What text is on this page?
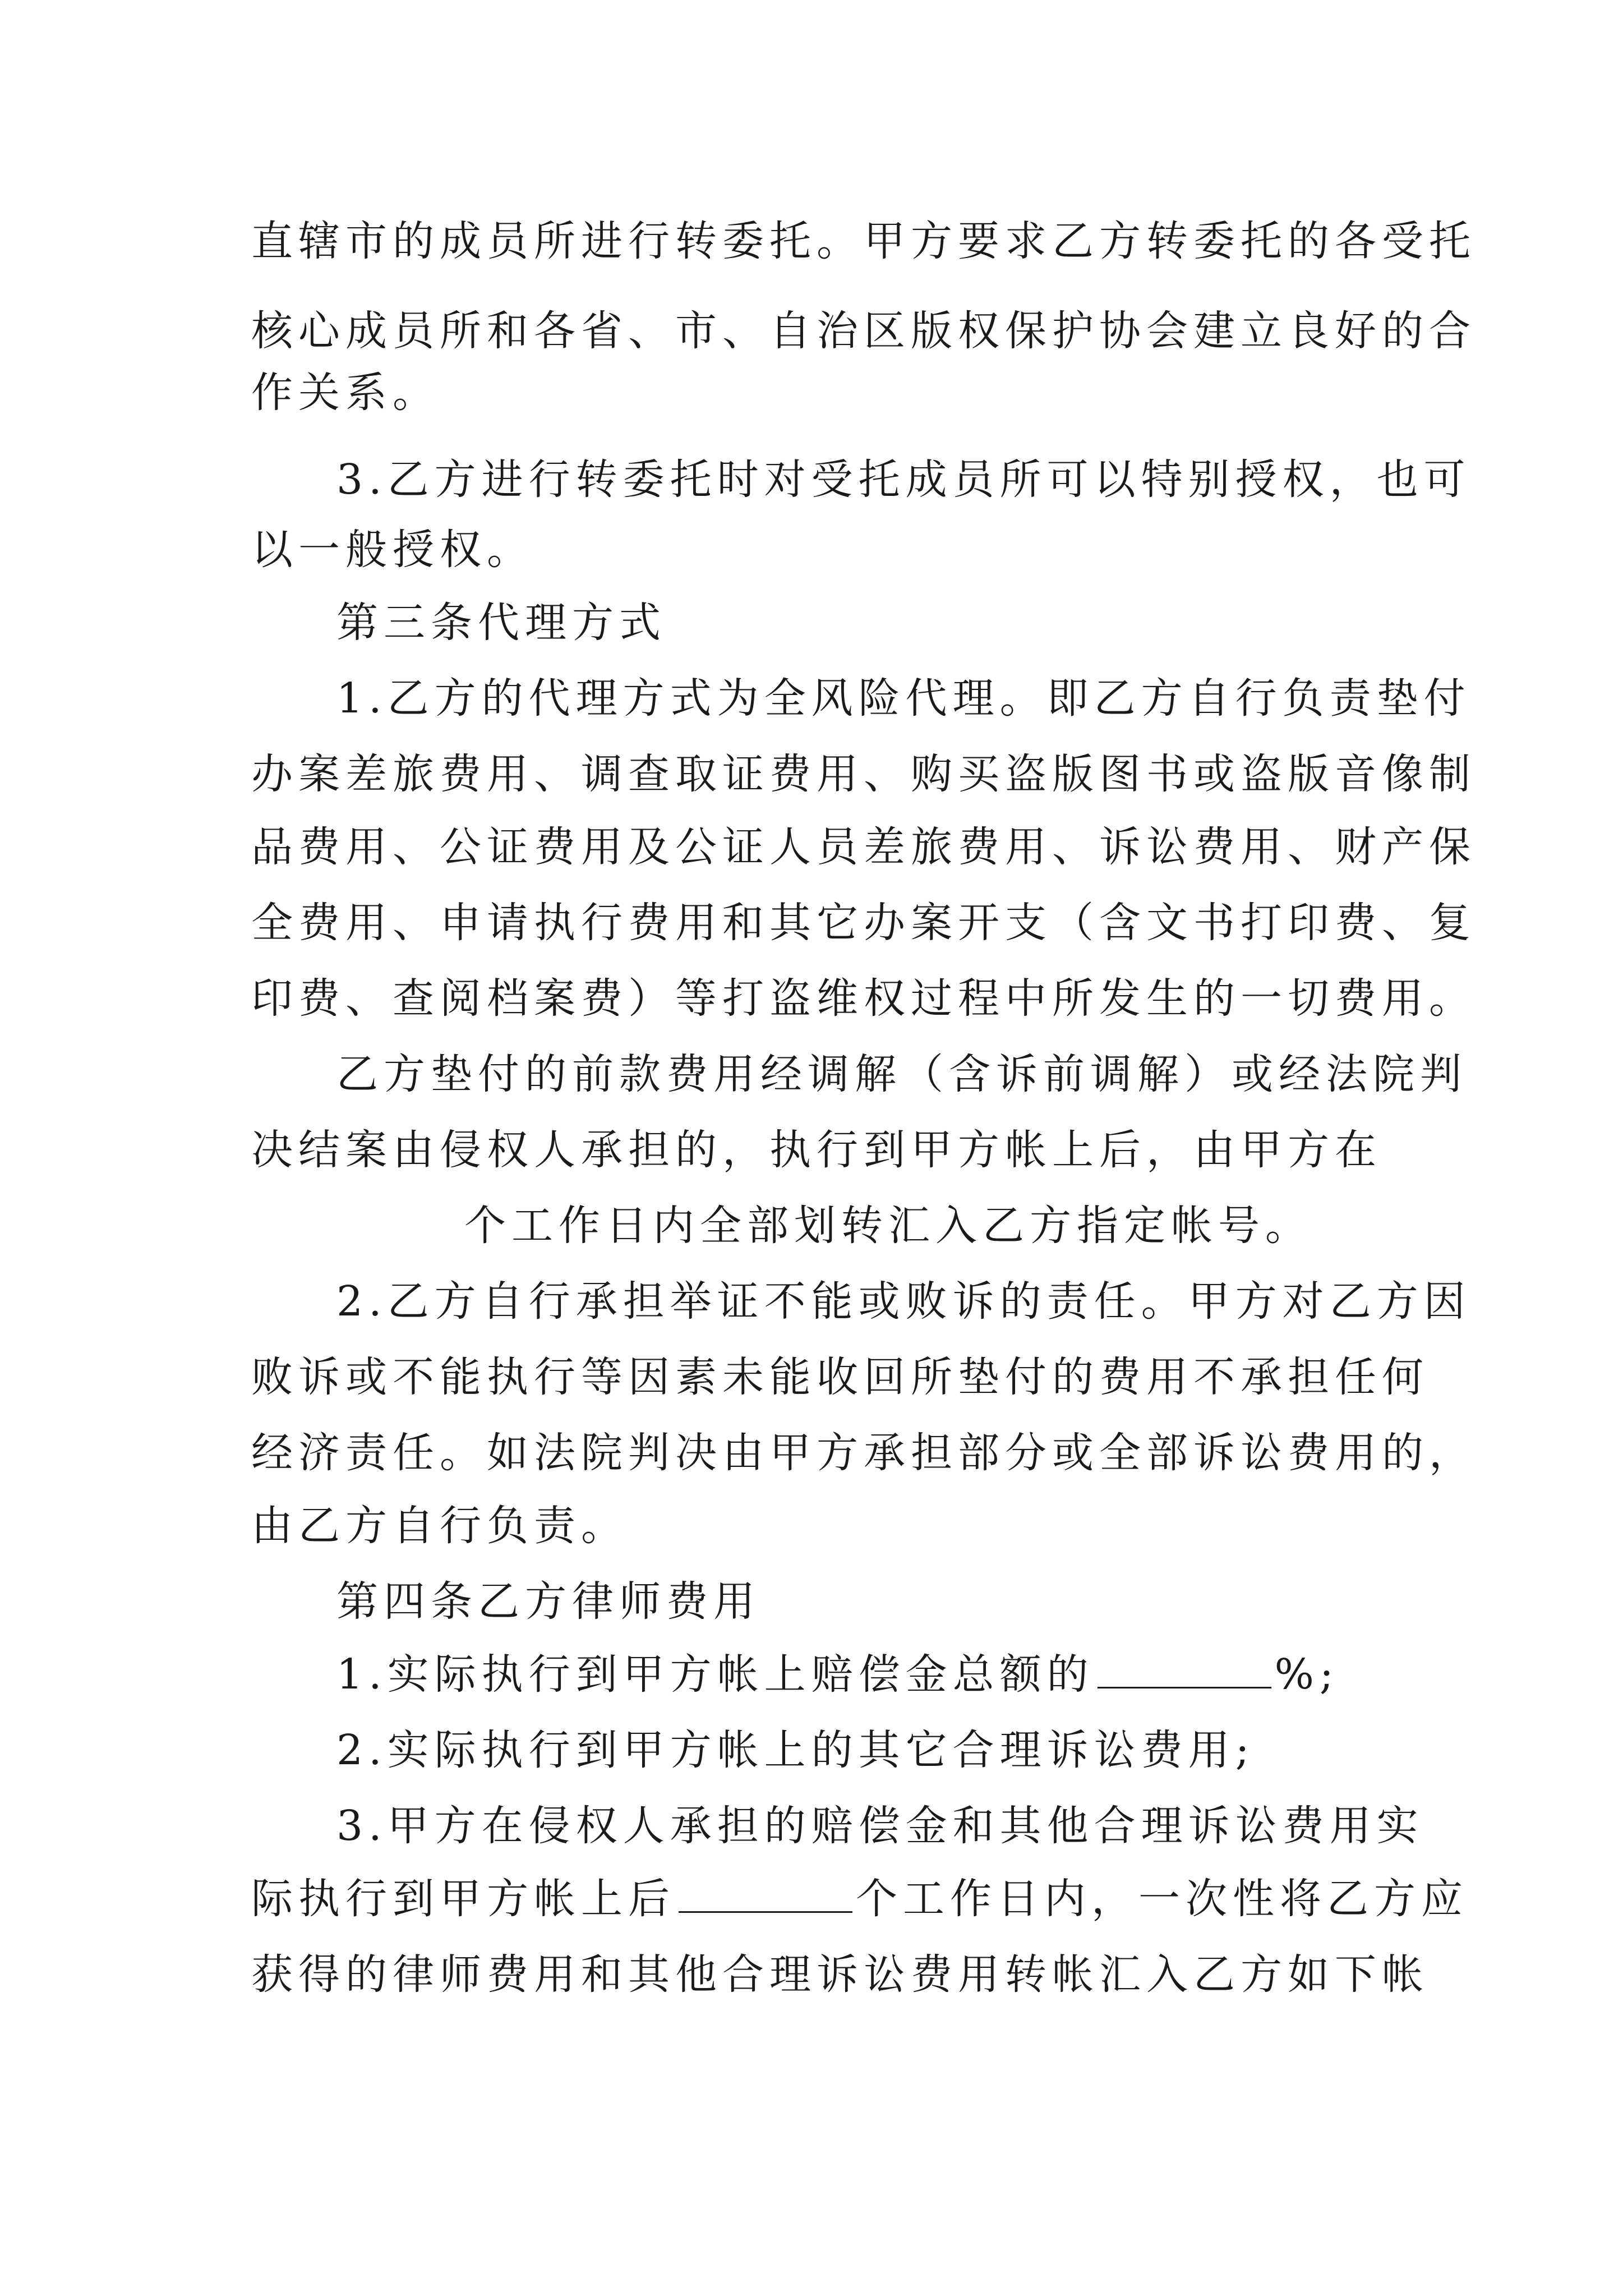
直辖市的成员所进行转委托。甲方要求乙方转委托的各受托
核心成员所和各省、市、自治区版权保护协会建立良好的合
作关系。
3.乙方进行转委托时对受托成员所可以特别授权，也可
以一般授权。
第三条代理方式
1.乙方的代理方式为全风险代理。即乙方自行负责垫付
办案差旅费用、调查取证费用、购买盗版图书或盗版音像制
品费用、公证费用及公证人员差旅费用、诉讼费用、财产保
全费用、申请执行费用和其它办案开支（含文书打印费、复
印费、查阅档案费）等打盗维权过程中所发生的一切费用。
乙方垫付的前款费用经调解（含诉前调解）或经法院判
决结案由侵权人承担的，执行到甲方帐上后，由甲方在
个工作日内全部划转汇入乙方指定帐号。
2.乙方自行承担举证不能或败诉的责任。甲方对乙方因
败诉或不能执行等因素未能收回所垫付的费用不承担任何
经济责任。如法院判决由甲方承担部分或全部诉讼费用的，
由乙方自行负责。
第四条乙方律师费用
1.实际执行到甲方帐上赔偿金总额的	%;
2.实际执行到甲方帐上的其它合理诉讼费用;
3.甲方在侵权人承担的赔偿金和其他合理诉讼费用实
际执行到甲方帐上后	个工作日内，一次性将乙方应
获得的律师费用和其他合理诉讼费用转帐汇入乙方如下帐
